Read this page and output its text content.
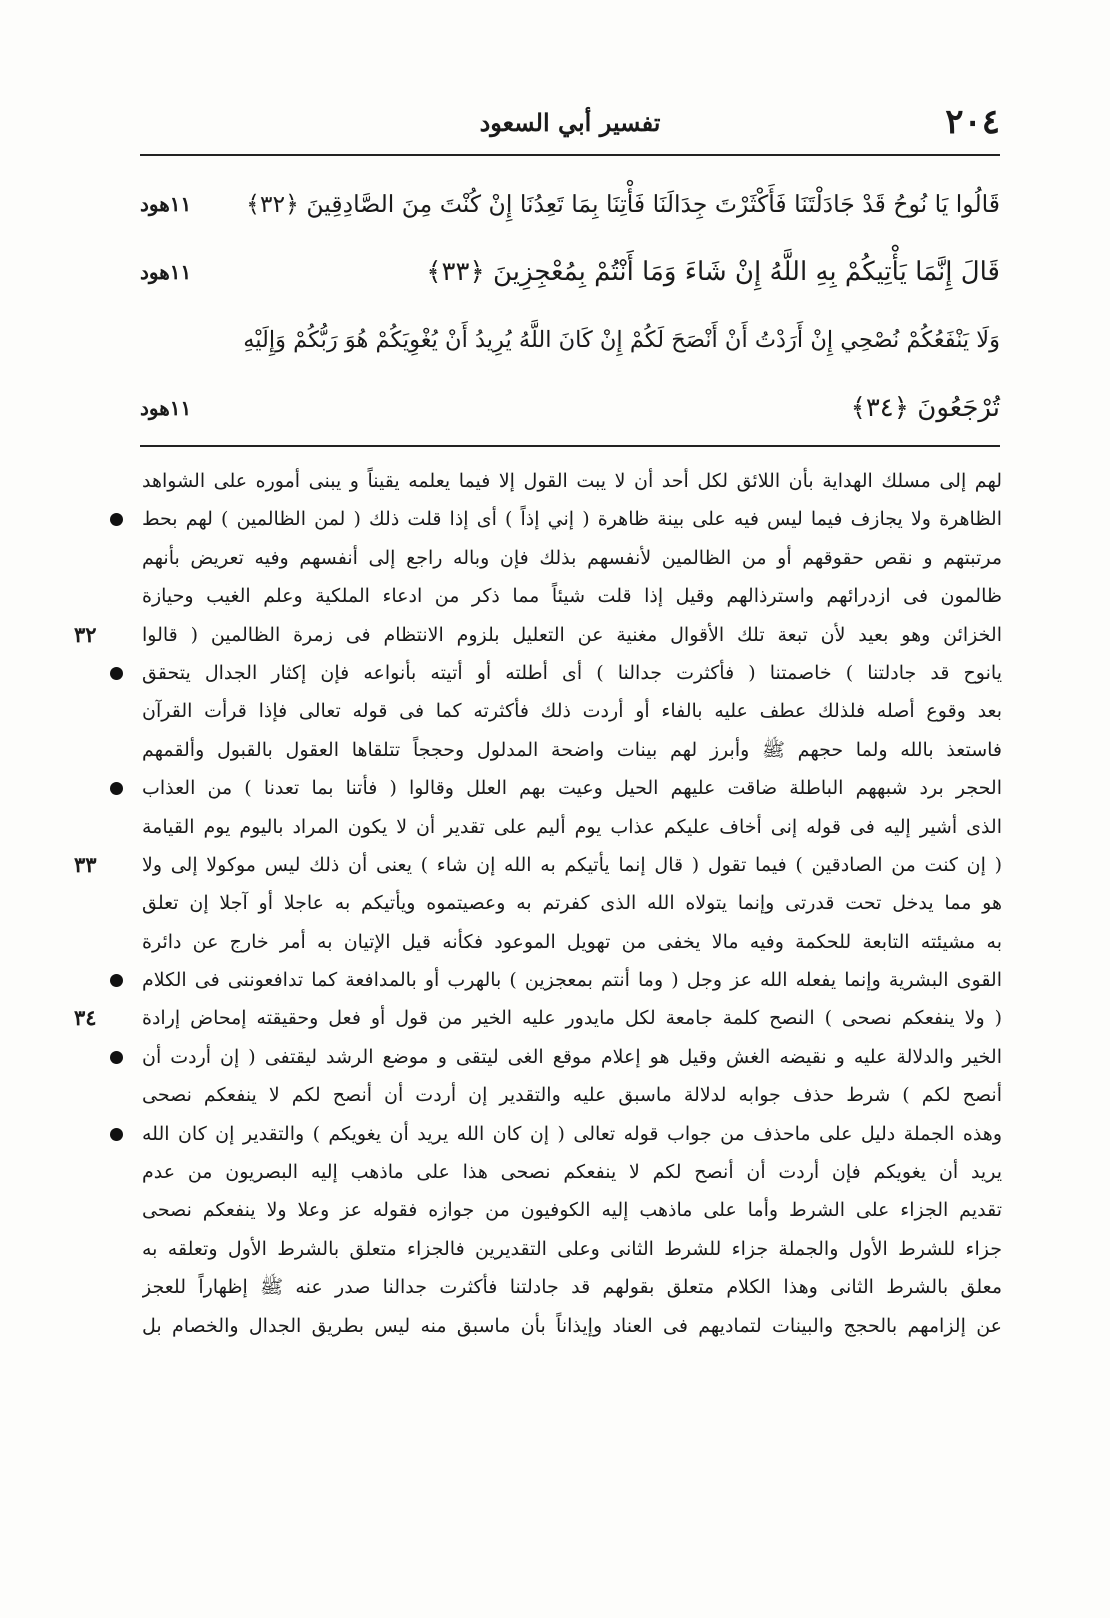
٢٠٤
تفسير أبي السعود
قَالُوا يَا نُوحُ قَدْ جَادَلْتَنَا فَأَكْثَرْتَ جِدَالَنَا فَأْتِنَا بِمَا تَعِدُنَا إِنْ كُنْتَ مِنَ الصَّادِقِينَ ﴿٣٢﴾
١١هود
قَالَ إِنَّمَا يَأْتِيكُمْ بِهِ اللَّهُ إِنْ شَاءَ وَمَا أَنْتُمْ بِمُعْجِزِينَ ﴿٣٣﴾
١١هود
وَلَا يَنْفَعُكُمْ نُصْحِي إِنْ أَرَدْتُ أَنْ أَنْصَحَ لَكُمْ إِنْ كَانَ اللَّهُ يُرِيدُ أَنْ يُغْوِيَكُمْ هُوَ رَبُّكُمْ وَإِلَيْهِ
تُرْجَعُونَ ﴿٣٤﴾
١١هود
لهم إلى مسلك الهداية بأن اللائق لكل أحد أن لا يبت القول إلا فيما يعلمه يقيناً و يبنى أموره على الشواهد
الظاهرة ولا يجازف فيما ليس فيه على بينة ظاهرة ( إني إذاً ) أى إذا قلت ذلك ( لمن الظالمين ) لهم بحط
مرتبتهم و نقص حقوقهم أو من الظالمين لأنفسهم بذلك فإن وباله راجع إلى أنفسهم وفيه تعريض بأنهم
ظالمون فى ازدرائهم واسترذالهم وقيل إذا قلت شيئاً مما ذكر من ادعاء الملكية وعلم الغيب وحيازة
الخزائن وهو بعيد لأن تبعة تلك الأقوال مغنية عن التعليل بلزوم الانتظام فى زمرة الظالمين ( قالوا
٣٢
يانوح قد جادلتنا ) خاصمتنا ( فأكثرت جدالنا ) أى أطلته أو أتيته بأنواعه فإن إكثار الجدال يتحقق
بعد وقوع أصله فلذلك عطف عليه بالفاء أو أردت ذلك فأكثرته كما فى قوله تعالى فإذا قرأت القرآن
فاستعذ بالله ولما حجهم ﷺ وأبرز لهم بينات واضحة المدلول وحججاً تتلقاها العقول بالقبول وألقمهم
الحجر برد شبههم الباطلة ضاقت عليهم الحيل وعيت بهم العلل وقالوا ( فأتنا بما تعدنا ) من العذاب
الذى أشير إليه فى قوله إنى أخاف عليكم عذاب يوم أليم على تقدير أن لا يكون المراد باليوم يوم القيامة
( إن كنت من الصادقين ) فيما تقول ( قال إنما يأتيكم به الله إن شاء ) يعنى أن ذلك ليس موكولا إلى ولا
٣٣
هو مما يدخل تحت قدرتى وإنما يتولاه الله الذى كفرتم به وعصيتموه ويأتيكم به عاجلا أو آجلا إن تعلق
به مشيئته التابعة للحكمة وفيه مالا يخفى من تهويل الموعود فكأنه قيل الإتيان به أمر خارج عن دائرة
القوى البشرية وإنما يفعله الله عز وجل ( وما أنتم بمعجزين ) بالهرب أو بالمدافعة كما تدافعوننى فى الكلام
( ولا ينفعكم نصحى ) النصح كلمة جامعة لكل مايدور عليه الخير من قول أو فعل وحقيقته إمحاض إرادة
٣٤
الخير والدلالة عليه و نقيضه الغش وقيل هو إعلام موقع الغى ليتقى و موضع الرشد ليقتفى ( إن أردت أن
أنصح لكم ) شرط حذف جوابه لدلالة ماسبق عليه والتقدير إن أردت أن أنصح لكم لا ينفعكم نصحى
وهذه الجملة دليل على ماحذف من جواب قوله تعالى ( إن كان الله يريد أن يغويكم ) والتقدير إن كان الله
يريد أن يغويكم فإن أردت أن أنصح لكم لا ينفعكم نصحى هذا على ماذهب إليه البصريون من عدم
تقديم الجزاء على الشرط وأما على ماذهب إليه الكوفيون من جوازه فقوله عز وعلا ولا ينفعكم نصحى
جزاء للشرط الأول والجملة جزاء للشرط الثانى وعلى التقديرين فالجزاء متعلق بالشرط الأول وتعلقه به
معلق بالشرط الثانى وهذا الكلام متعلق بقولهم قد جادلتنا فأكثرت جدالنا صدر عنه ﷺ إظهاراً للعجز
عن إلزامهم بالحجج والبينات لتماديهم فى العناد وإيذاناً بأن ماسبق منه ليس بطريق الجدال والخصام بل
